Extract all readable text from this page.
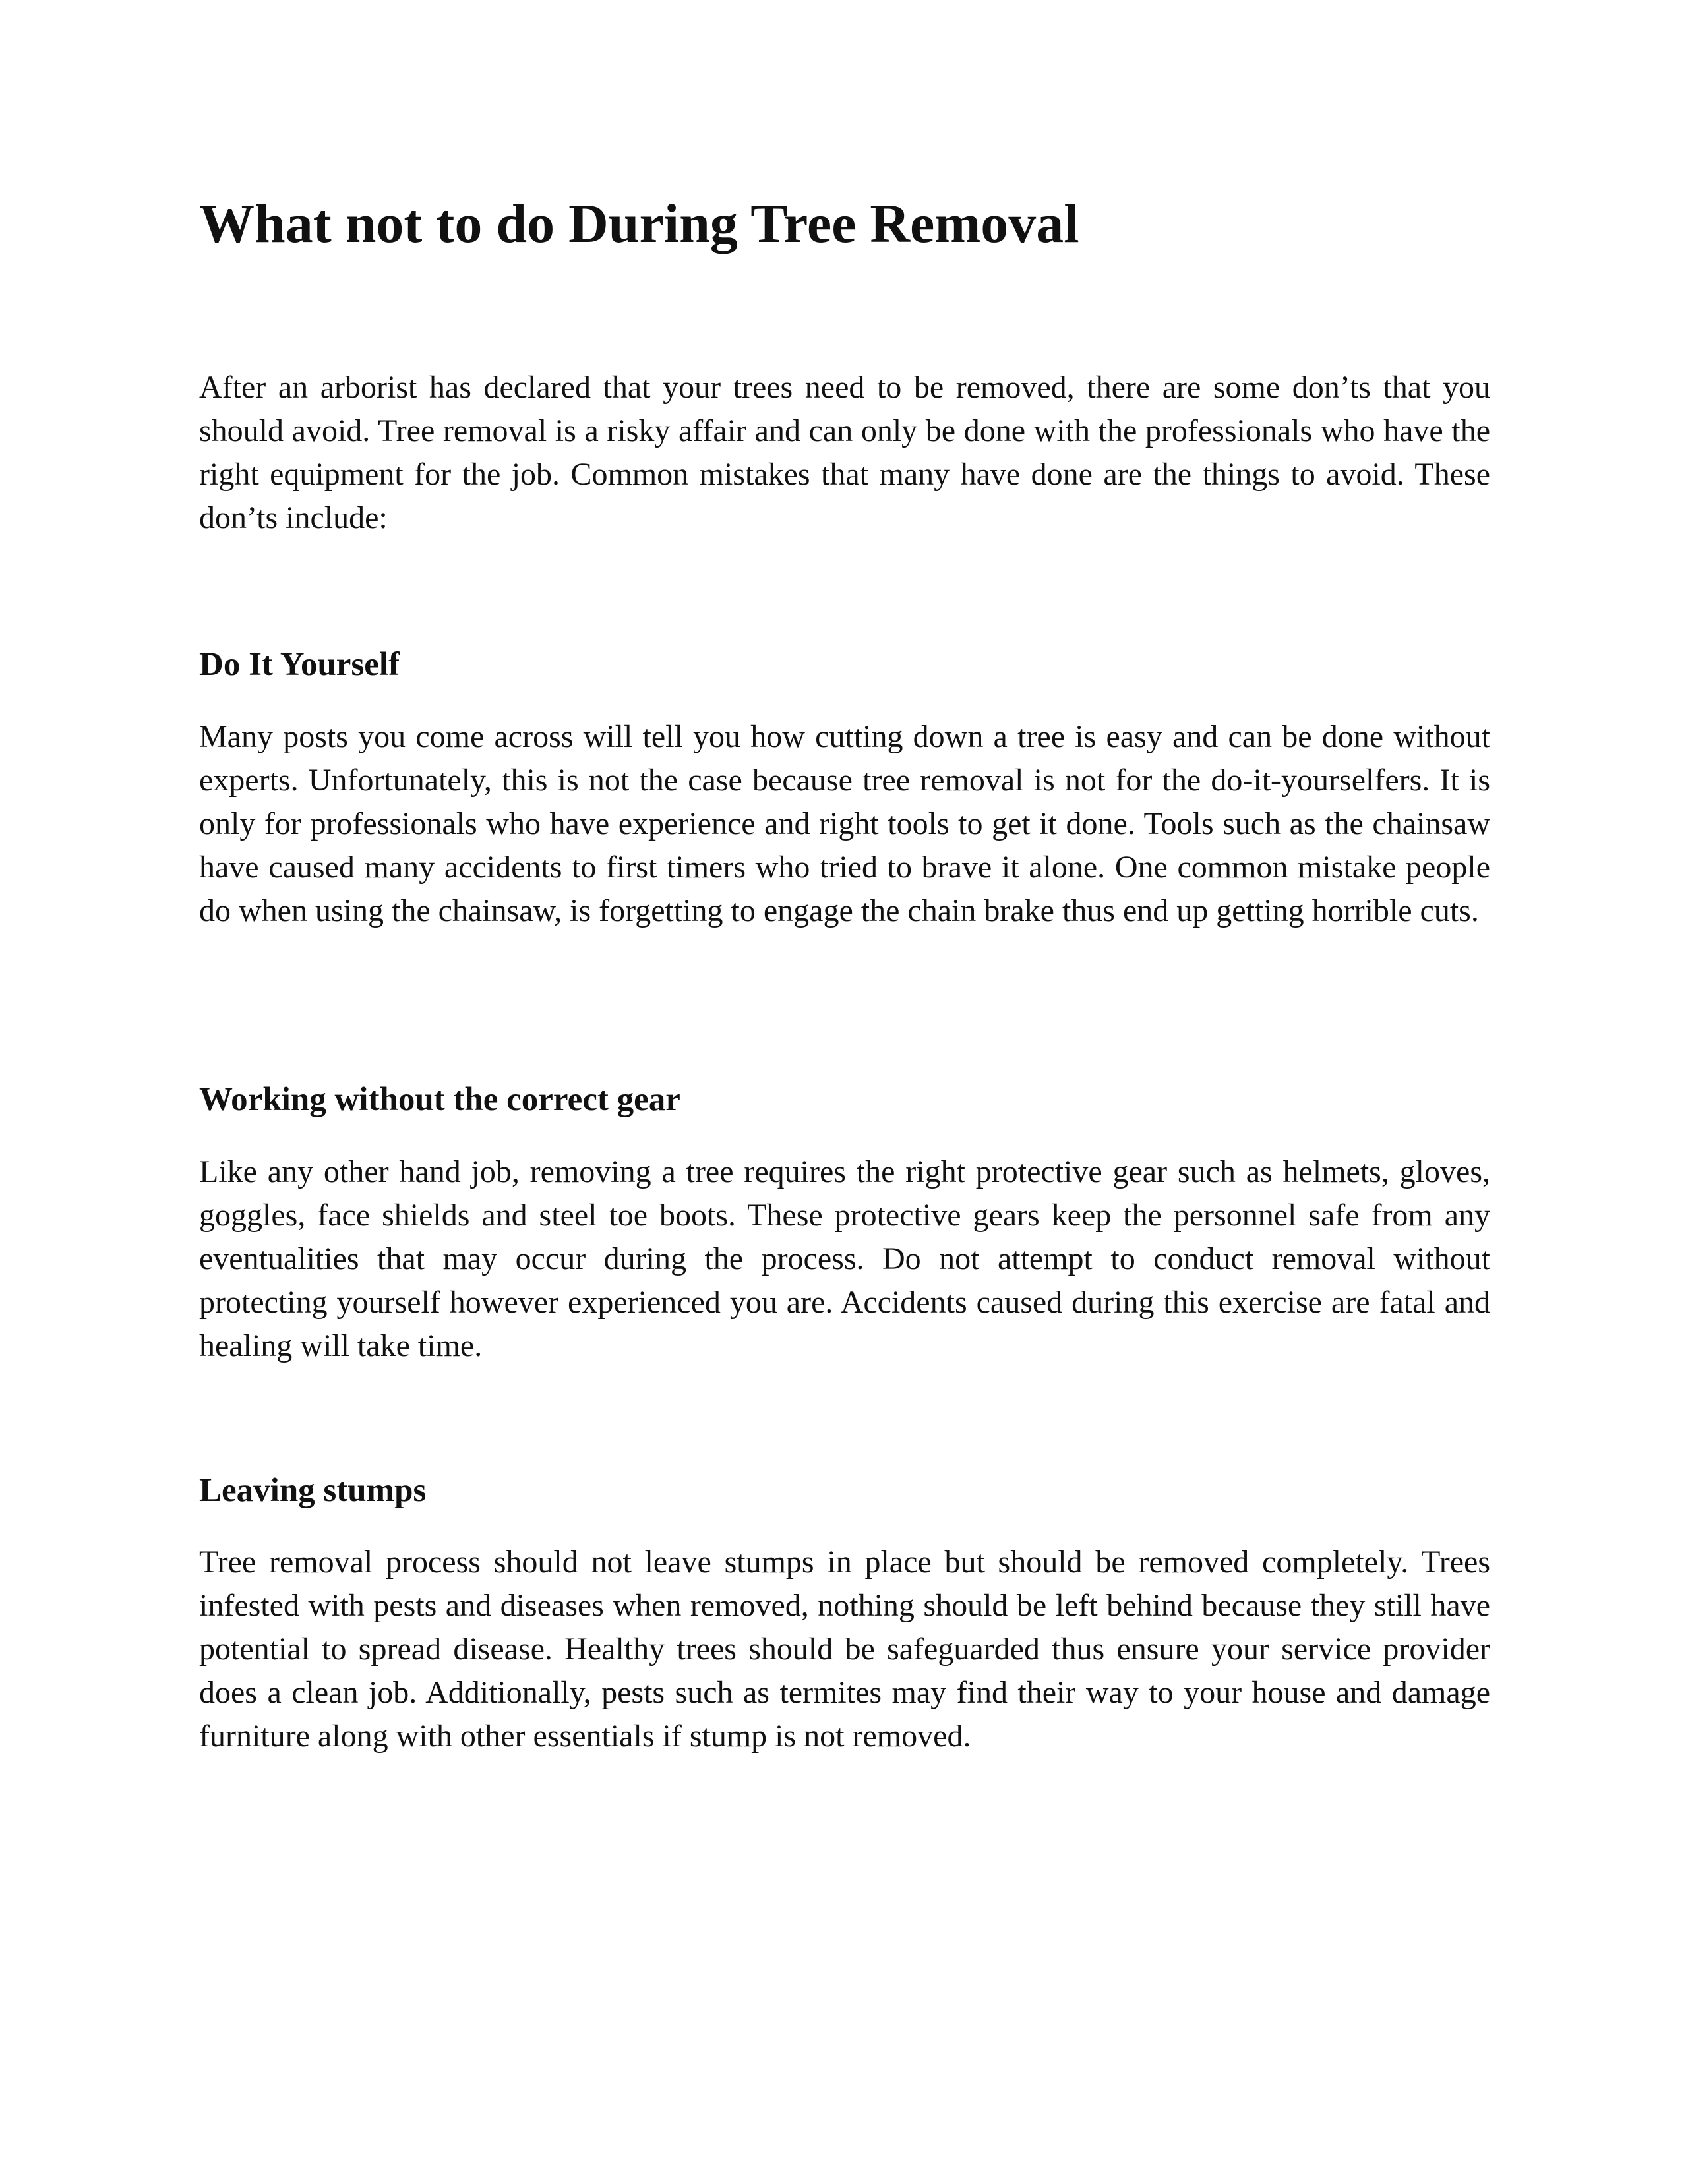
What not to do During Tree Removal

After an arborist has declared that your trees need to be removed, there are some don’ts that you should avoid. Tree removal is a risky affair and can only be done with the professionals who have the right equipment for the job. Common mistakes that many have done are the things to avoid. These don’ts include:

Do It Yourself

Many posts you come across will tell you how cutting down a tree is easy and can be done without experts. Unfortunately, this is not the case because tree removal is not for the do-it-yourselfers. It is only for professionals who have experience and right tools to get it done. Tools such as the chainsaw have caused many accidents to first timers who tried to brave it alone. One common mistake people do when using the chainsaw, is forgetting to engage the chain brake thus end up getting horrible cuts.

Working without the correct gear

Like any other hand job, removing a tree requires the right protective gear such as helmets, gloves, goggles, face shields and steel toe boots. These protective gears keep the personnel safe from any eventualities that may occur during the process. Do not attempt to conduct removal without protecting yourself however experienced you are. Accidents caused during this exercise are fatal and healing will take time.

Leaving stumps

Tree removal process should not leave stumps in place but should be removed completely. Trees infested with pests and diseases when removed, nothing should be left behind because they still have potential to spread disease. Healthy trees should be safeguarded thus ensure your service provider does a clean job. Additionally, pests such as termites may find their way to your house and damage furniture along with other essentials if stump is not removed.
